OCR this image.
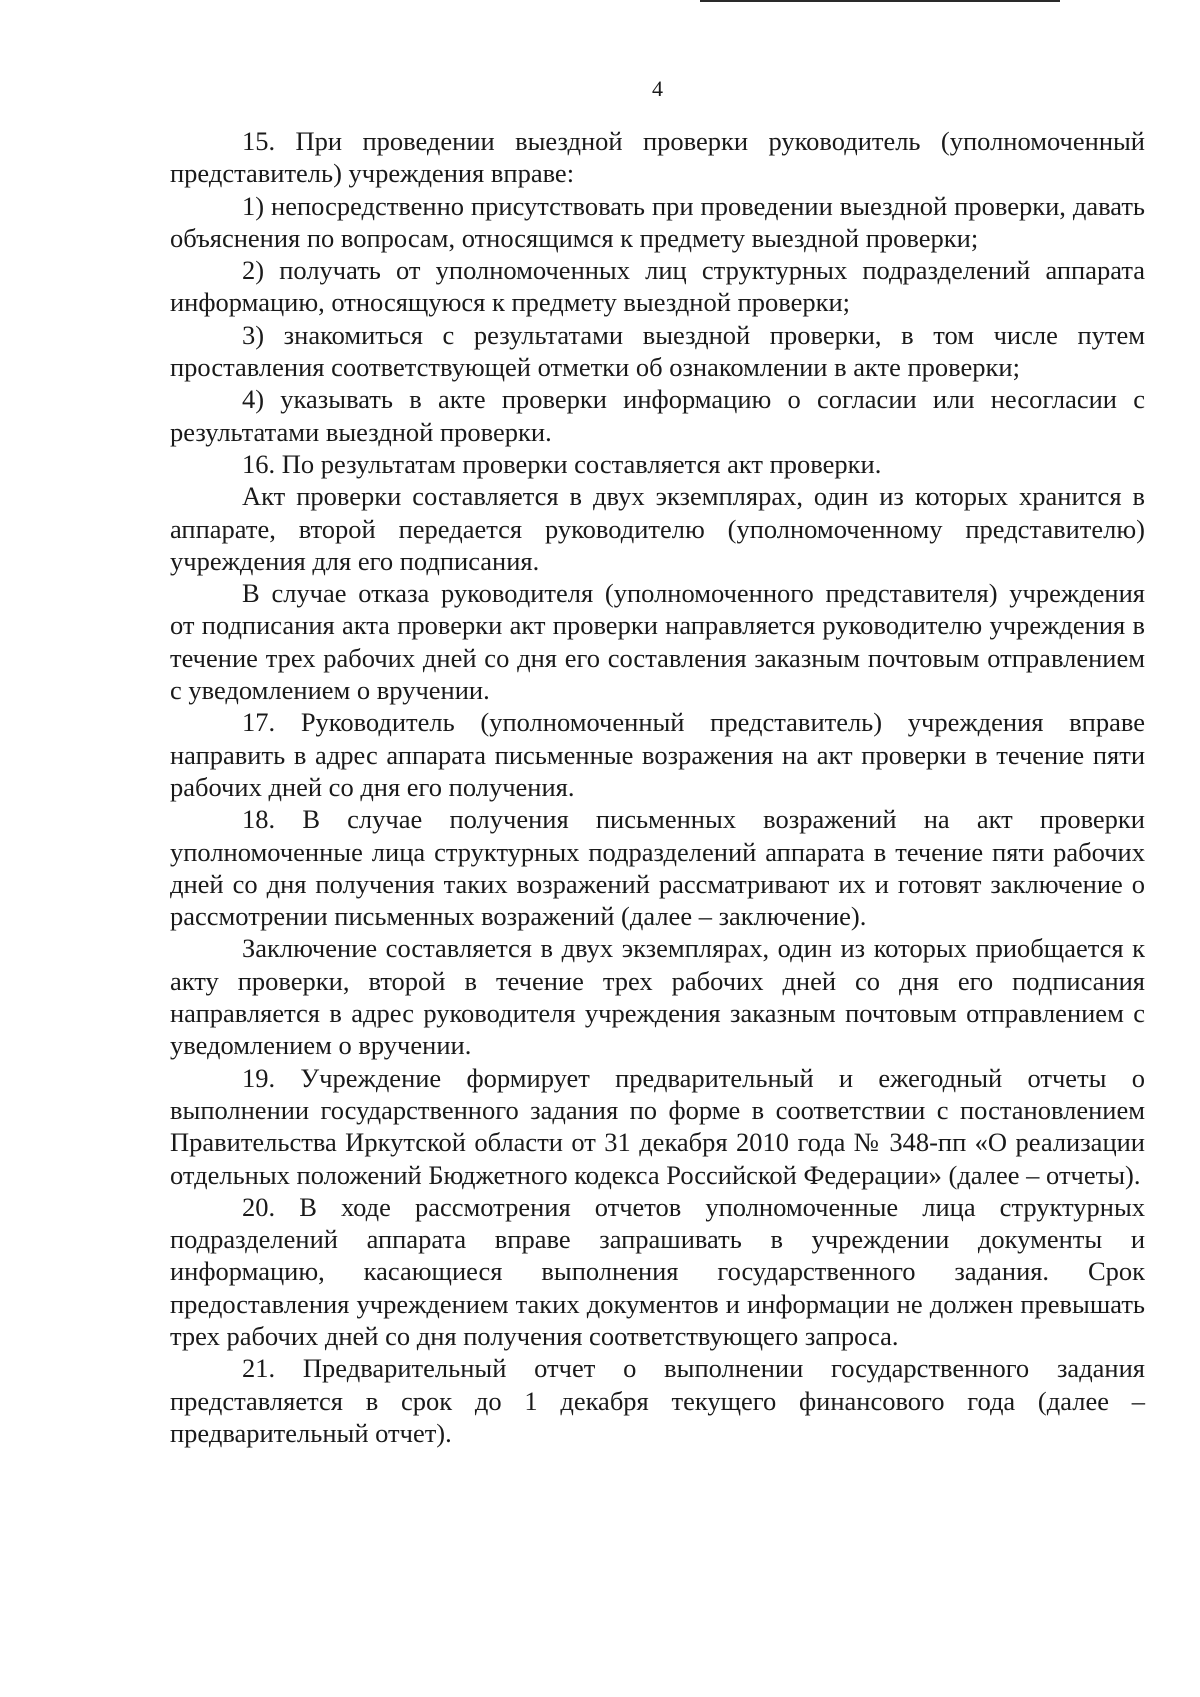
4

15. При проведении выездной проверки руководитель (уполномоченный представитель) учреждения вправе:

1) непосредственно присутствовать при проведении выездной проверки, давать объяснения по вопросам, относящимся к предмету выездной проверки;

2) получать от уполномоченных лиц структурных подразделений аппарата информацию, относящуюся к предмету выездной проверки;

3) знакомиться с результатами выездной проверки, в том числе путем проставления соответствующей отметки об ознакомлении в акте проверки;

4) указывать в акте проверки информацию о согласии или несогласии с результатами выездной проверки.

16. По результатам проверки составляется акт проверки.

Акт проверки составляется в двух экземплярах, один из которых хранится в аппарате, второй передается руководителю (уполномоченному представителю) учреждения для его подписания.

В случае отказа руководителя (уполномоченного представителя) учреждения от подписания акта проверки акт проверки направляется руководителю учреждения в течение трех рабочих дней со дня его составления заказным почтовым отправлением с уведомлением о вручении.

17. Руководитель (уполномоченный представитель) учреждения вправе направить в адрес аппарата письменные возражения на акт проверки в течение пяти рабочих дней со дня его получения.

18. В случае получения письменных возражений на акт проверки уполномоченные лица структурных подразделений аппарата в течение пяти рабочих дней со дня получения таких возражений рассматривают их и готовят заключение о рассмотрении письменных возражений (далее – заключение).

Заключение составляется в двух экземплярах, один из которых приобщается к акту проверки, второй в течение трех рабочих дней со дня его подписания направляется в адрес руководителя учреждения заказным почтовым отправлением с уведомлением о вручении.

19. Учреждение формирует предварительный и ежегодный отчеты о выполнении государственного задания по форме в соответствии с постановлением Правительства Иркутской области от 31 декабря 2010 года № 348-пп «О реализации отдельных положений Бюджетного кодекса Российской Федерации» (далее – отчеты).

20. В ходе рассмотрения отчетов уполномоченные лица структурных подразделений аппарата вправе запрашивать в учреждении документы и информацию, касающиеся выполнения государственного задания. Срок предоставления учреждением таких документов и информации не должен превышать трех рабочих дней со дня получения соответствующего запроса.

21. Предварительный отчет о выполнении государственного задания представляется в срок до 1 декабря текущего финансового года (далее – предварительный отчет).
